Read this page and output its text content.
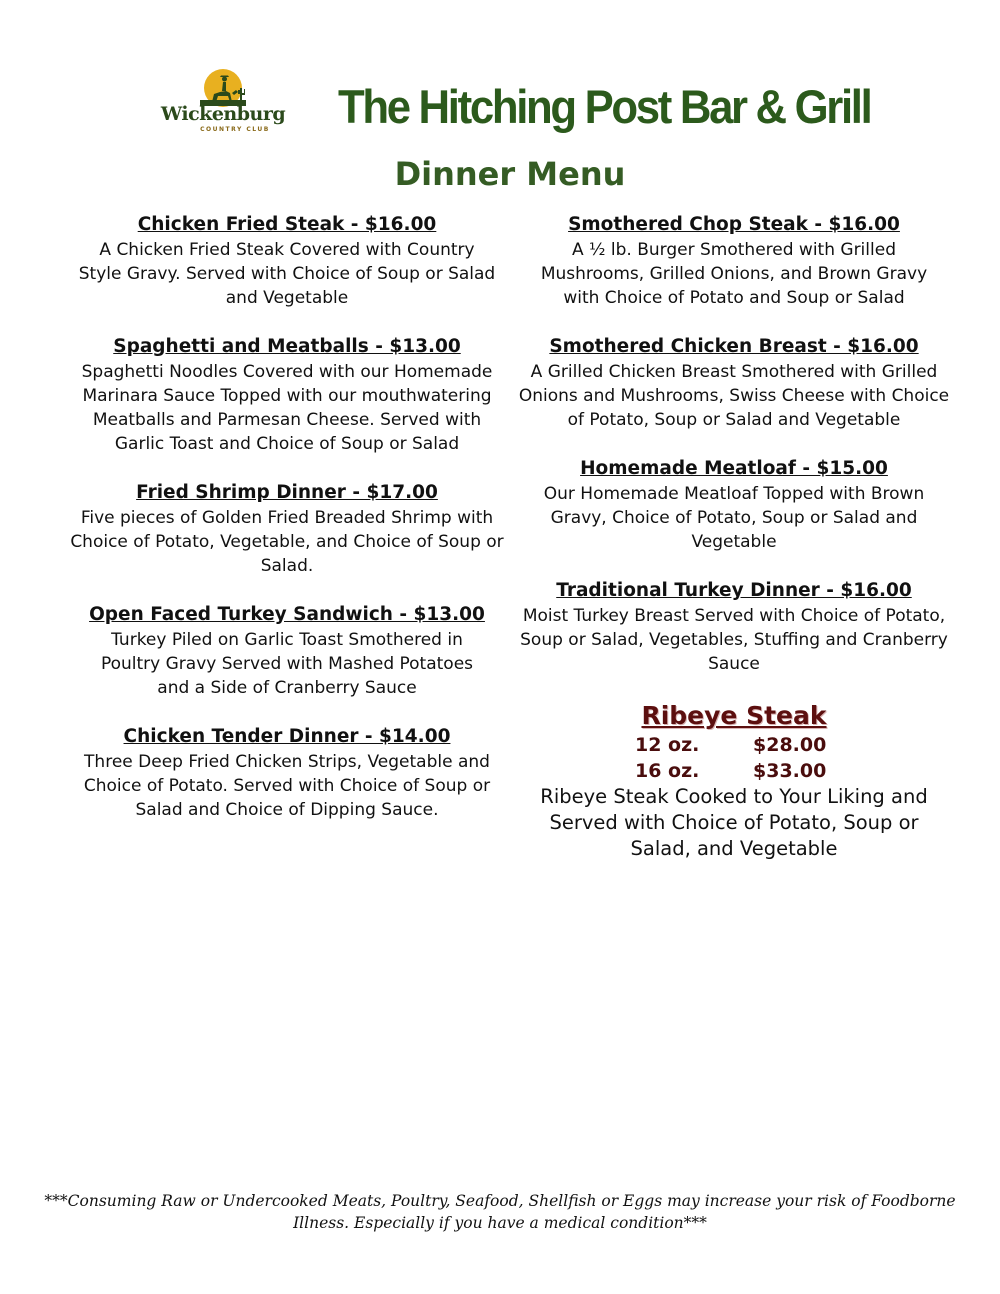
Wickenburg
COUNTRY CLUB The Hitching Post Bar & Grill
Dinner Menu
Chicken Fried Steak - $16.00
A Chicken Fried Steak Covered with Country Style Gravy. Served with Choice of Soup or Salad and Vegetable
Spaghetti and Meatballs - $13.00
Spaghetti Noodles Covered with our Homemade Marinara Sauce Topped with our mouthwatering Meatballs and Parmesan Cheese. Served with Garlic Toast and Choice of Soup or Salad
Fried Shrimp Dinner - $17.00
Five pieces of Golden Fried Breaded Shrimp with Choice of Potato, Vegetable, and Choice of Soup or Salad.
Open Faced Turkey Sandwich - $13.00
Turkey Piled on Garlic Toast Smothered in Poultry Gravy Served with Mashed Potatoes and a Side of Cranberry Sauce
Chicken Tender Dinner - $14.00
Three Deep Fried Chicken Strips, Vegetable and Choice of Potato. Served with Choice of Soup or Salad and Choice of Dipping Sauce.
Smothered Chop Steak - $16.00
A ½ lb. Burger Smothered with Grilled Mushrooms, Grilled Onions, and Brown Gravy with Choice of Potato and Soup or Salad
Smothered Chicken Breast - $16.00
A Grilled Chicken Breast Smothered with Grilled Onions and Mushrooms, Swiss Cheese with Choice of Potato, Soup or Salad and Vegetable
Homemade Meatloaf - $15.00
Our Homemade Meatloaf Topped with Brown Gravy, Choice of Potato, Soup or Salad and Vegetable
Traditional Turkey Dinner - $16.00
Moist Turkey Breast Served with Choice of Potato, Soup or Salad, Vegetables, Stuffing and Cranberry Sauce
Ribeye Steak
12 oz.	$28.00
16 oz.	$33.00
Ribeye Steak Cooked to Your Liking and Served with Choice of Potato, Soup or Salad, and Vegetable
***Consuming Raw or Undercooked Meats, Poultry, Seafood, Shellfish or Eggs may increase your risk of Foodborne Illness. Especially if you have a medical condition***
